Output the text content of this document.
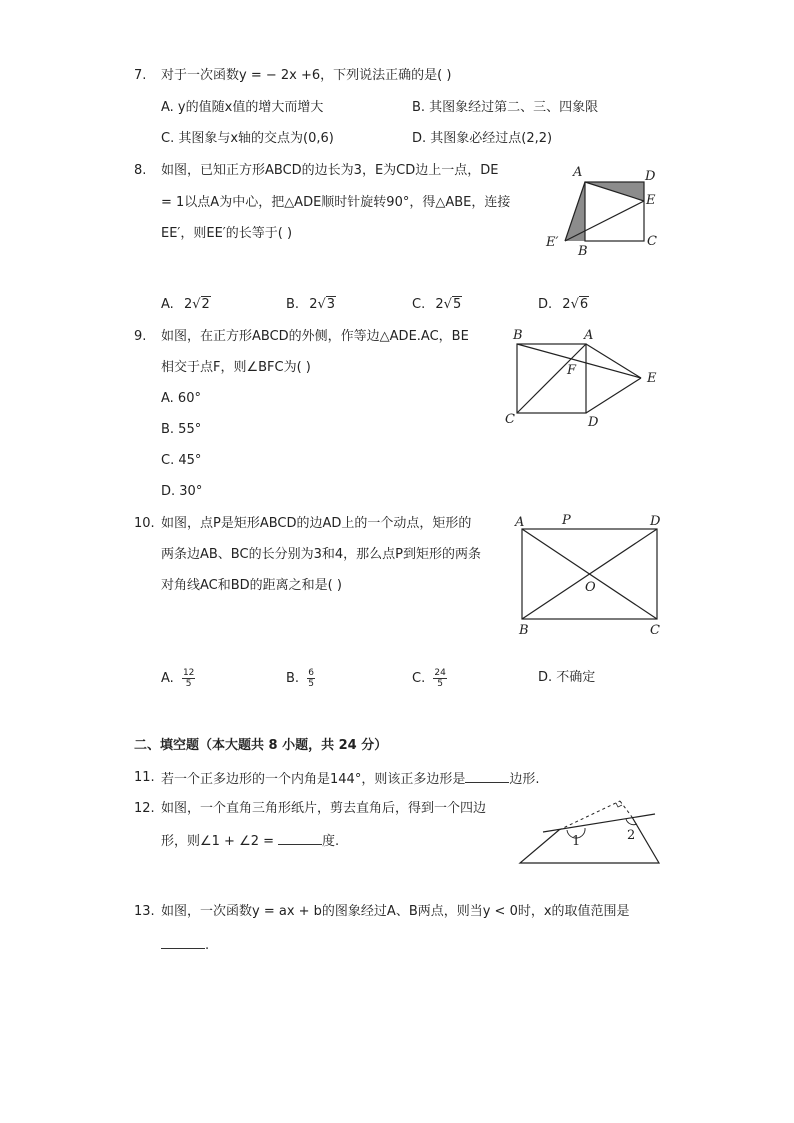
7. 对于一次函数y = − 2x +6，下列说法正确的是( )
A. y的值随x值的增大而增大	B. 其图象经过第二、三、四象限
C. 其图象与x轴的交点为(0,6)	D. 其图象必经过点(2,2)
8. 如图，已知正方形ABCD的边长为3，E为CD边上一点，DE
= 1以点A为中心，把△ADE顺时针旋转90°，得△ABE，连接
EE′，则EE′的长等于( )
A	D
E
C
B
E′
A. 2√2	B. 2√3	C. 2√5	D. 2√6
9. 如图，在正方形ABCD的外侧，作等边△ADE.AC，BE
相交于点F，则∠BFC为( )
A. 60°
B. 55°
C. 45°
D. 30°
B	A
E
F
C	D
10. 如图，点P是矩形ABCD的边AD上的一个动点，矩形的
两条边AB、BC的长分别为3和4，那么点P到矩形的两条
对角线AC和BD的距离之和是( )
A	P	D
O
B	C
A. $\frac{12}{5}$	B. $\frac{6}{5}$	C. $\frac{24}{5}$	D. 不确定
二、填空题（本大题共 8 小题，共 24 分）
11. 若一个正多边形的一个内角是144°，则该正多边形是	边形.
12. 如图，一个直角三角形纸片，剪去直角后，得到一个四边
形，则∠1 + ∠2 =	度.	1	2
13. 如图，一次函数y = ax + b的图象经过A、B两点，则当y < 0时，x的取值范围是
.
